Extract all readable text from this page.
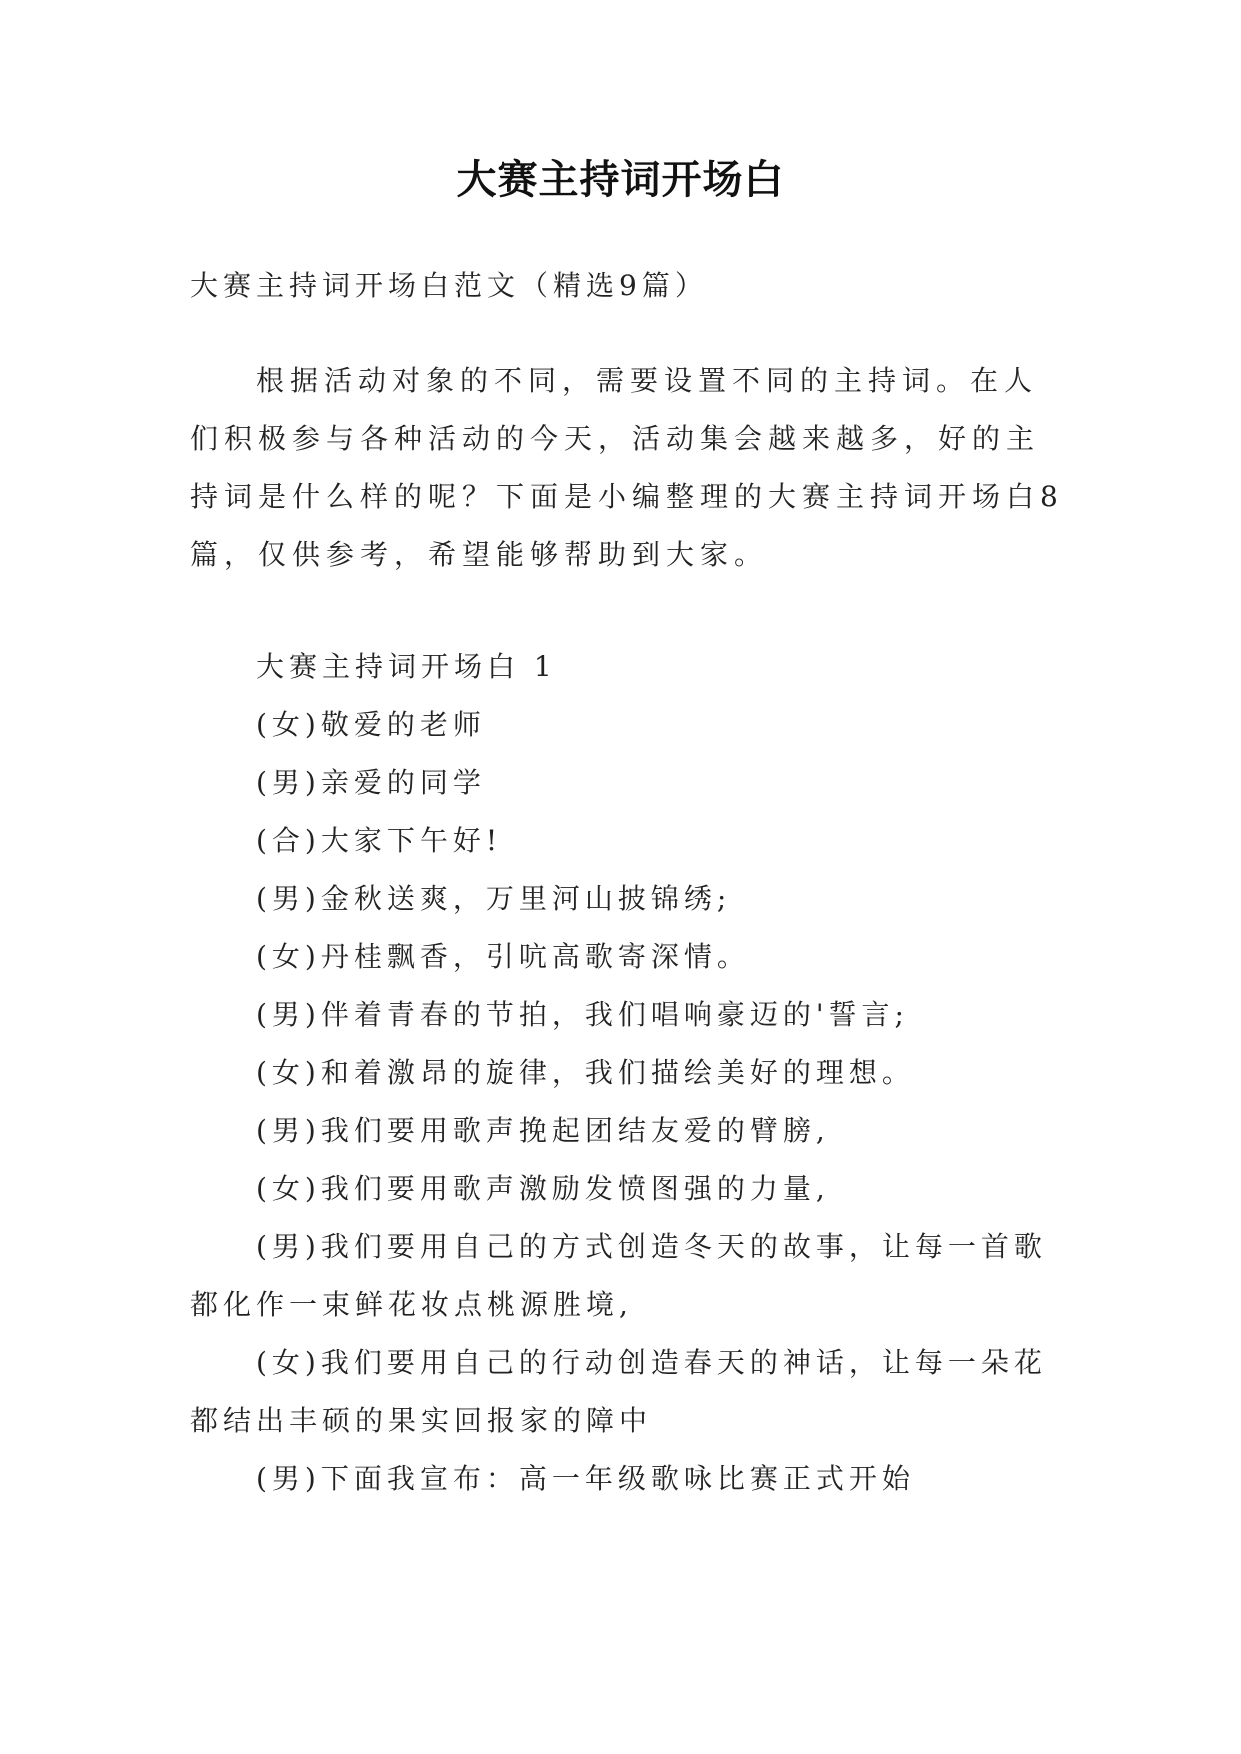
大赛主持词开场白

大赛主持词开场白范文（精选9篇）

根据活动对象的不同，需要设置不同的主持词。在人们积极参与各种活动的今天，活动集会越来越多，好的主持词是什么样的呢？下面是小编整理的大赛主持词开场白8篇，仅供参考，希望能够帮助到大家。

大赛主持词开场白 1

(女)敬爱的老师

(男)亲爱的同学

(合)大家下午好!

(男)金秋送爽，万里河山披锦绣;

(女)丹桂飘香，引吭高歌寄深情。

(男)伴着青春的节拍，我们唱响豪迈的'誓言;

(女)和着激昂的旋律，我们描绘美好的理想。

(男)我们要用歌声挽起团结友爱的臂膀,

(女)我们要用歌声激励发愤图强的力量,

(男)我们要用自己的方式创造冬天的故事，让每一首歌都化作一束鲜花妆点桃源胜境,

(女)我们要用自己的行动创造春天的神话，让每一朵花都结出丰硕的果实回报家的障中

(男)下面我宣布：高一年级歌咏比赛正式开始
